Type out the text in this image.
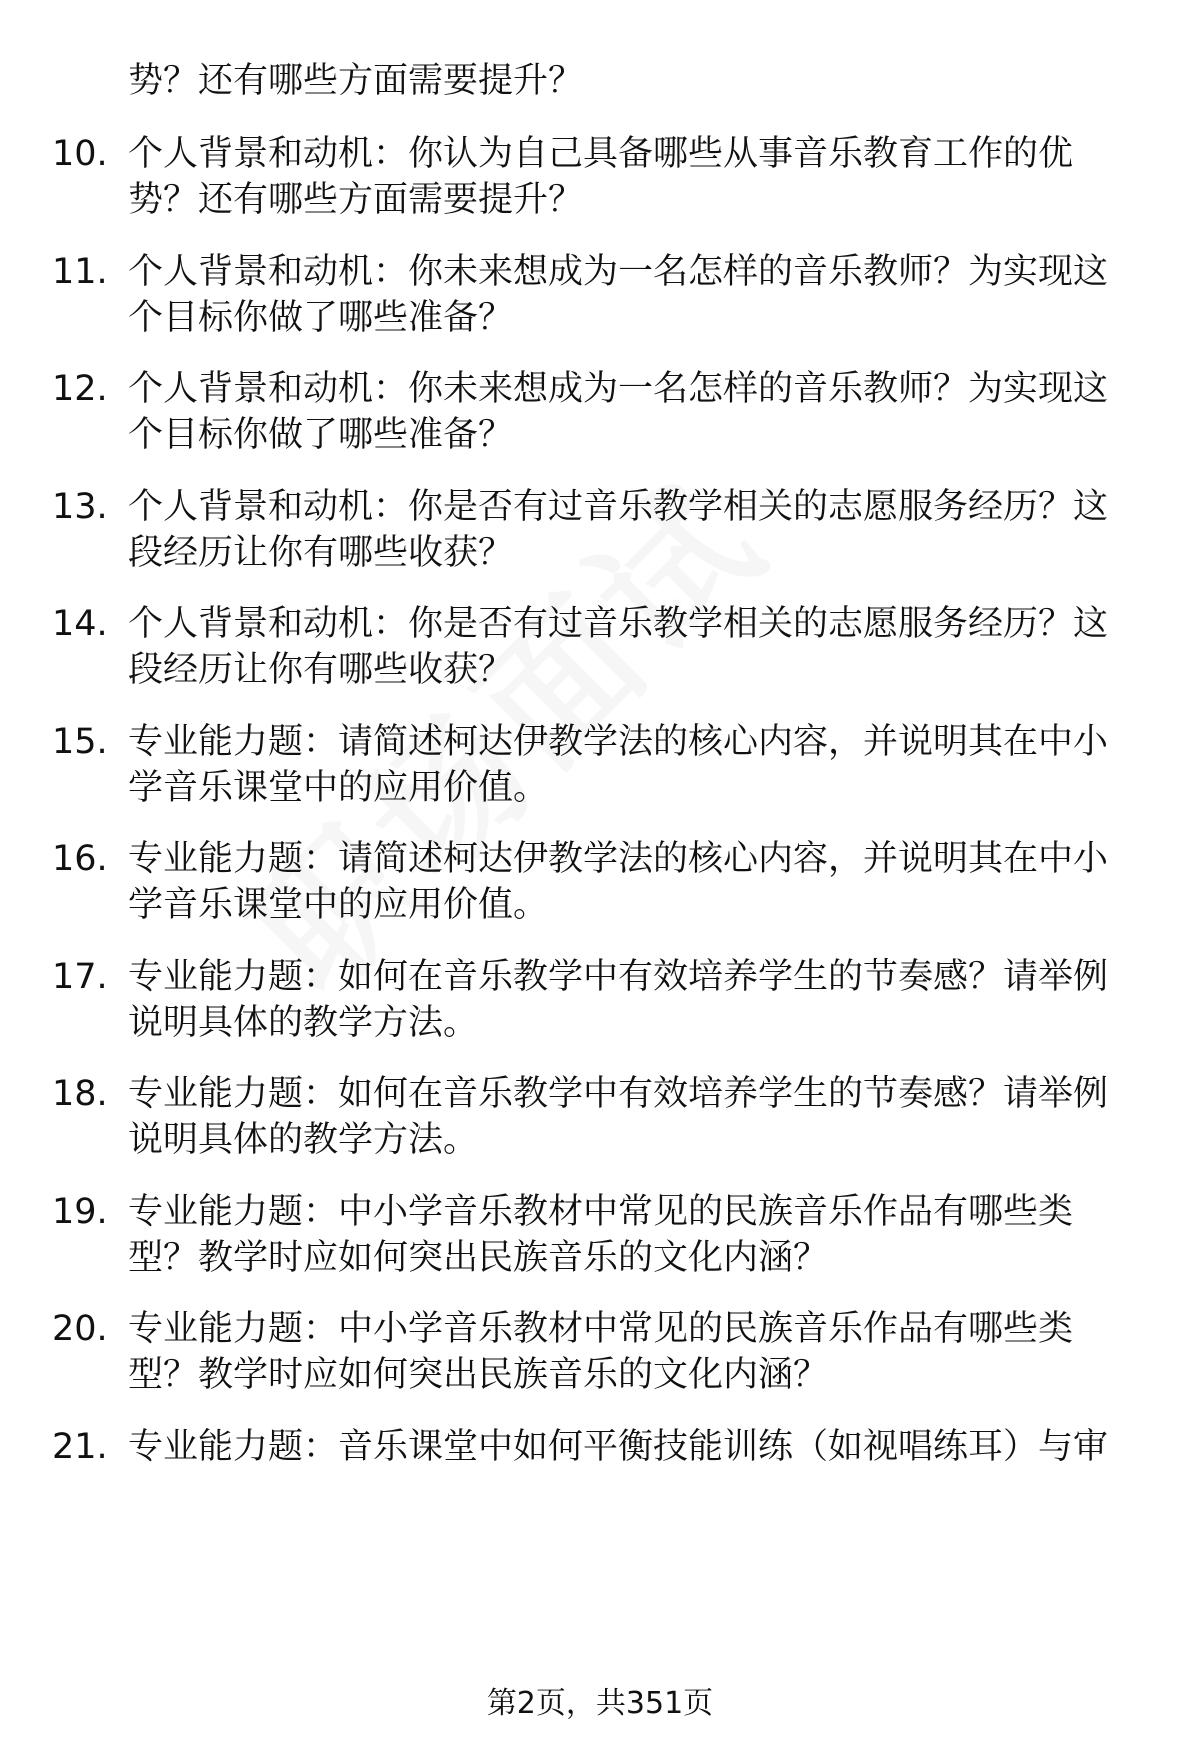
势？还有哪些方面需要提升？
10. 个人背景和动机：你认为自己具备哪些从事音乐教育工作的优
势？还有哪些方面需要提升？
11. 个人背景和动机：你未来想成为一名怎样的音乐教师？为实现这
个目标你做了哪些准备？
12. 个人背景和动机：你未来想成为一名怎样的音乐教师？为实现这
个目标你做了哪些准备？
13. 个人背景和动机：你是否有过音乐教学相关的志愿服务经历？这
段经历让你有哪些收获？
14. 个人背景和动机：你是否有过音乐教学相关的志愿服务经历？这
段经历让你有哪些收获？
15. 专业能力题：请简述柯达伊教学法的核心内容，并说明其在中小
学音乐课堂中的应用价值。
16. 专业能力题：请简述柯达伊教学法的核心内容，并说明其在中小
学音乐课堂中的应用价值。
17. 专业能力题：如何在音乐教学中有效培养学生的节奏感？请举例
说明具体的教学方法。
18. 专业能力题：如何在音乐教学中有效培养学生的节奏感？请举例
说明具体的教学方法。
19. 专业能力题：中小学音乐教材中常见的民族音乐作品有哪些类
型？教学时应如何突出民族音乐的文化内涵？
20. 专业能力题：中小学音乐教材中常见的民族音乐作品有哪些类
型？教学时应如何突出民族音乐的文化内涵？
21. 专业能力题：音乐课堂中如何平衡技能训练（如视唱练耳）与审
第2页，共351页
